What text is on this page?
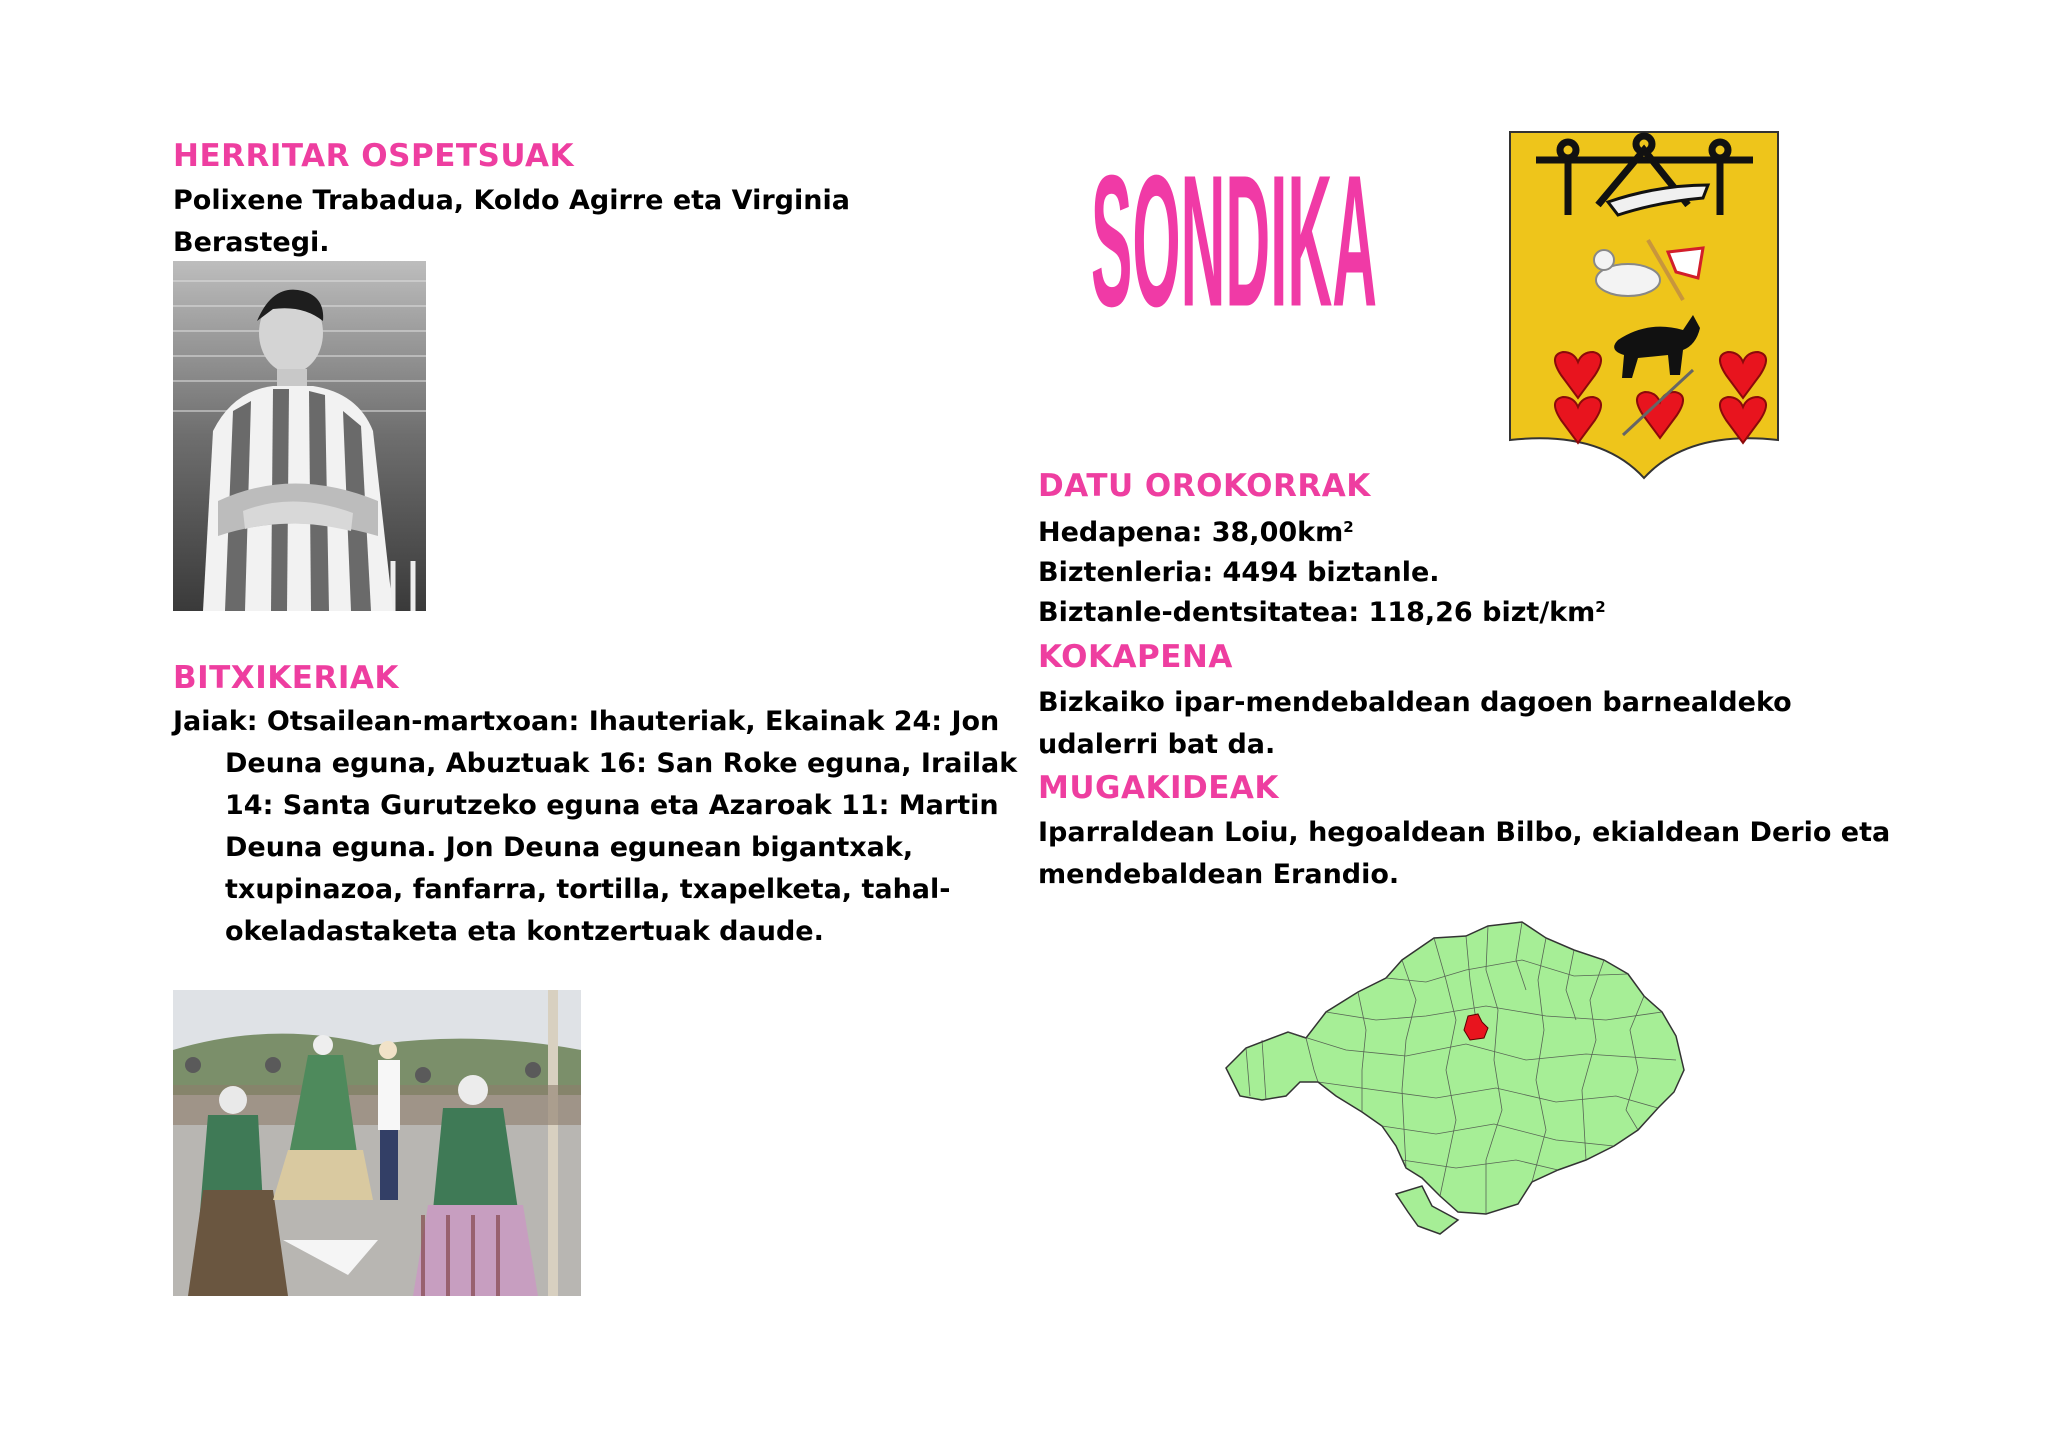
HERRITAR OSPETSUAK

Polixene Trabadua, Koldo Agirre eta Virginia Berastegi.

BITXIKERIAK

Jaiak: Otsailean-martxoan: Ihauteriak, Ekainak 24: Jon Deuna eguna, Abuztuak 16: San Roke eguna, Irailak 14: Santa Gurutzeko eguna eta Azaroak 11: Martin Deuna eguna. Jon Deuna egunean bigantxak, txupinazoa, fanfarra, tortilla, txapelketa, tahal-okeladastaketa eta kontzertuak daude.

SONDIKA
DATU OROKORRAK

Hedapena: $38,00km^2$

Biztenleria: 4494 biztanle.

Biztanle-dentsitatea: 118,26 bizt/$km^2$

KOKAPENA

Bizkaiko ipar-mendebaldean dagoen barnealdeko udalerri bat da.

MUGAKIDEAK

Iparraldean Loiu, hegoaldean Bilbo, ekialdean Derio eta mendebaldean Erandio.
